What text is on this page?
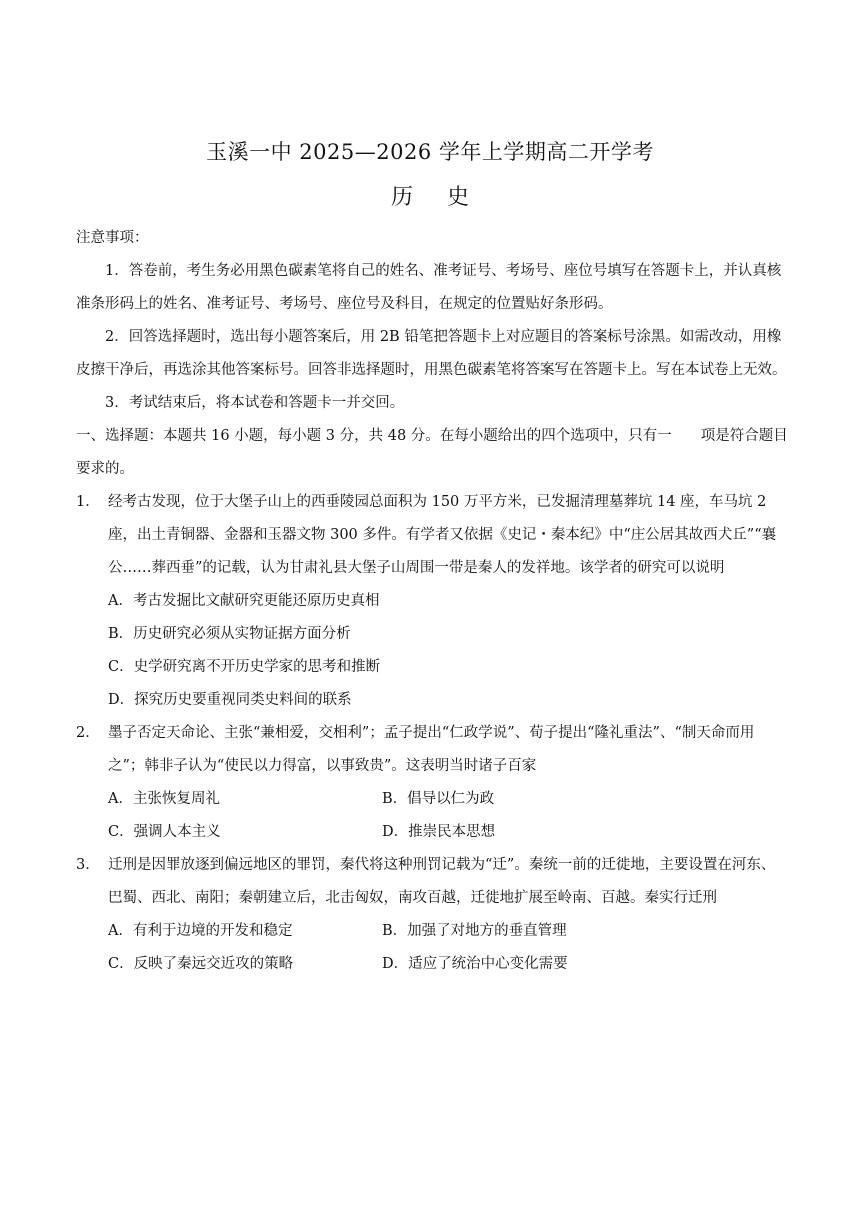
玉溪一中 2025—2026 学年上学期高二开学考
历史

注意事项：

1．答卷前，考生务必用黑色碳素笔将自己的姓名、准考证号、考场号、座位号填写在答题卡上，并认真核准条形码上的姓名、准考证号、考场号、座位号及科目，在规定的位置贴好条形码。

2．回答选择题时，选出每小题答案后，用 2B 铅笔把答题卡上对应题目的答案标号涂黑。如需改动，用橡皮擦干净后，再选涂其他答案标号。回答非选择题时，用黑色碳素笔将答案写在答题卡上。写在本试卷上无效。

3．考试结束后，将本试卷和答题卡一并交回。

一、选择题：本题共 16 小题，每小题 3 分，共 48 分。在每小题给出的四个选项中，只有一　　项是符合题目要求的。

1． 经考古发现，位于大堡子山上的西垂陵园总面积为 150 万平方米，已发掘清理墓葬坑 14 座，车马坑 2 座，出土青铜器、金器和玉器文物 300 多件。有学者又依据《史记・秦本纪》中“庄公居其故西犬丘”“襄公……葬西垂”的记载，认为甘肃礼县大堡子山周围一带是秦人的发祥地。该学者的研究可以说明

A．考古发掘比文献研究更能还原历史真相

B．历史研究必须从实物证据方面分析

C．史学研究离不开历史学家的思考和推断

D．探究历史要重视同类史料间的联系

2． 墨子否定天命论、主张“兼相爱，交相利”；孟子提出“仁政学说”、荀子提出“隆礼重法”、“制天命而用之”；韩非子认为“使民以力得富，以事致贵”。这表明当时诸子百家

A．主张恢复周礼	B．倡导以仁为政

C．强调人本主义	D．推崇民本思想

3． 迁刑是因罪放逐到偏远地区的罪罚，秦代将这种刑罚记载为“迁”。秦统一前的迁徙地，主要设置在河东、巴蜀、西北、南阳；秦朝建立后，北击匈奴，南攻百越，迁徙地扩展至岭南、百越。秦实行迁刑

A．有利于边境的开发和稳定	B．加强了对地方的垂直管理

C．反映了秦远交近攻的策略	D．适应了统治中心变化需要
